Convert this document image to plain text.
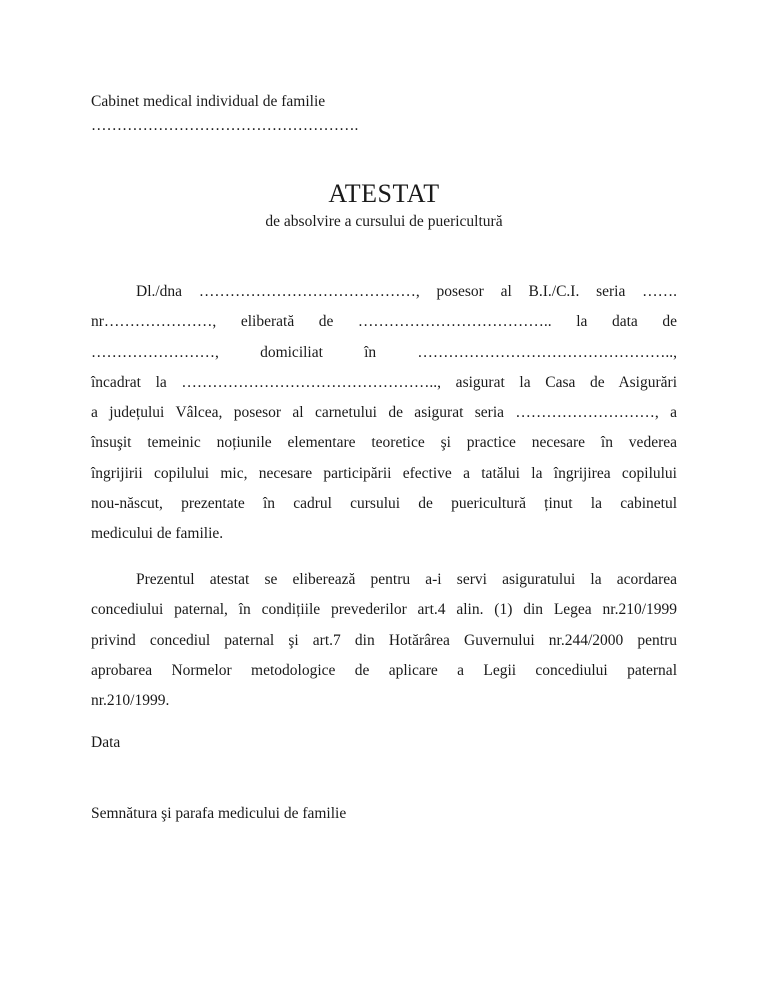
Cabinet medical individual de familie
…………………………………………….
ATESTAT
de absolvire a cursului de puericultură
Dl./dna ……………………………………, posesor al B.I./C.I. seria …….
nr…………………, eliberată de ……………………………….. la data de
……………………, domiciliat în …………………………………………..,
încadrat la ………………………………………….., asigurat la Casa de Asigurări
a județului Vâlcea, posesor al carnetului de asigurat seria ………………………, a
însuşit temeinic noțiunile elementare teoretice şi practice necesare în vederea
îngrijirii copilului mic, necesare participării efective a tatălui la îngrijirea copilului
nou-născut, prezentate în cadrul cursului de puericultură ținut la cabinetul
medicului de familie.
Prezentul atestat se eliberează pentru a-i servi asiguratului la acordarea
concediului paternal, în condițiile prevederilor art.4 alin. (1) din Legea nr.210/1999
privind concediul paternal şi art.7 din Hotărârea Guvernului nr.244/2000 pentru
aprobarea Normelor metodologice de aplicare a Legii concediului paternal
nr.210/1999.
Data
Semnătura şi parafa medicului de familie
